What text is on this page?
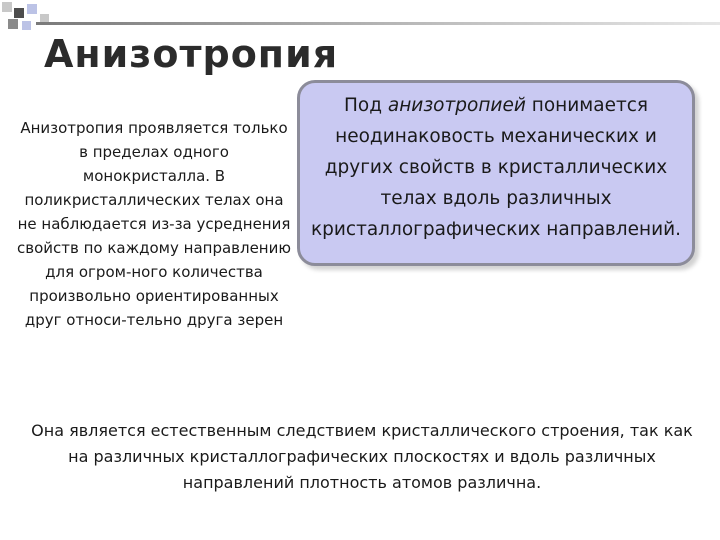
Анизотропия
Анизотропия проявляется только в пределах одного монокристалла. В поликристаллических телах она не наблюдается из-за усреднения свойств по каждому направлению для огром-ного количества произвольно ориентированных друг относи-тельно друга зерен
Под анизотропией понимается неодинаковость механических и других свойств в кристаллических телах вдоль различных кристаллографических направлений.
Она является естественным следствием кристаллического строения, так как на различных кристаллографических плоскостях и вдоль различных направлений плотность атомов различна.
